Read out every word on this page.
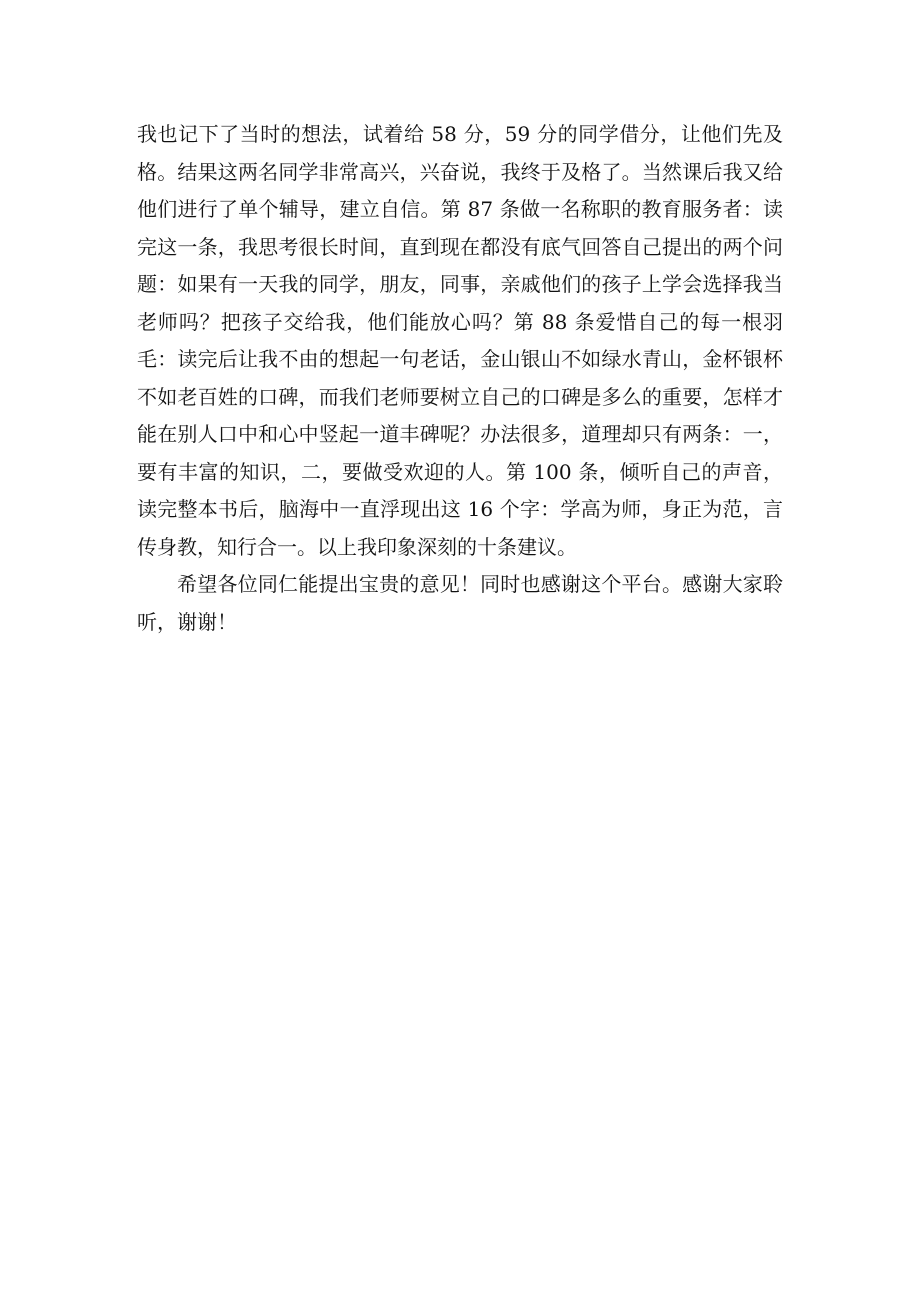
我也记下了当时的想法，试着给 58 分，59 分的同学借分，让他们先及格。结果这两名同学非常高兴，兴奋说，我终于及格了。当然课后我又给他们进行了单个辅导，建立自信。第 87 条做一名称职的教育服务者：读完这一条，我思考很长时间，直到现在都没有底气回答自己提出的两个问题：如果有一天我的同学，朋友，同事，亲戚他们的孩子上学会选择我当老师吗？把孩子交给我，他们能放心吗？第 88 条爱惜自己的每一根羽毛：读完后让我不由的想起一句老话，金山银山不如绿水青山，金杯银杯不如老百姓的口碑，而我们老师要树立自己的口碑是多么的重要，怎样才能在别人口中和心中竖起一道丰碑呢？办法很多，道理却只有两条：一，要有丰富的知识，二，要做受欢迎的人。第 100 条，倾听自己的声音，读完整本书后，脑海中一直浮现出这 16 个字：学高为师，身正为范，言传身教，知行合一。以上我印象深刻的十条建议。

希望各位同仁能提出宝贵的意见！同时也感谢这个平台。感谢大家聆听，谢谢！
